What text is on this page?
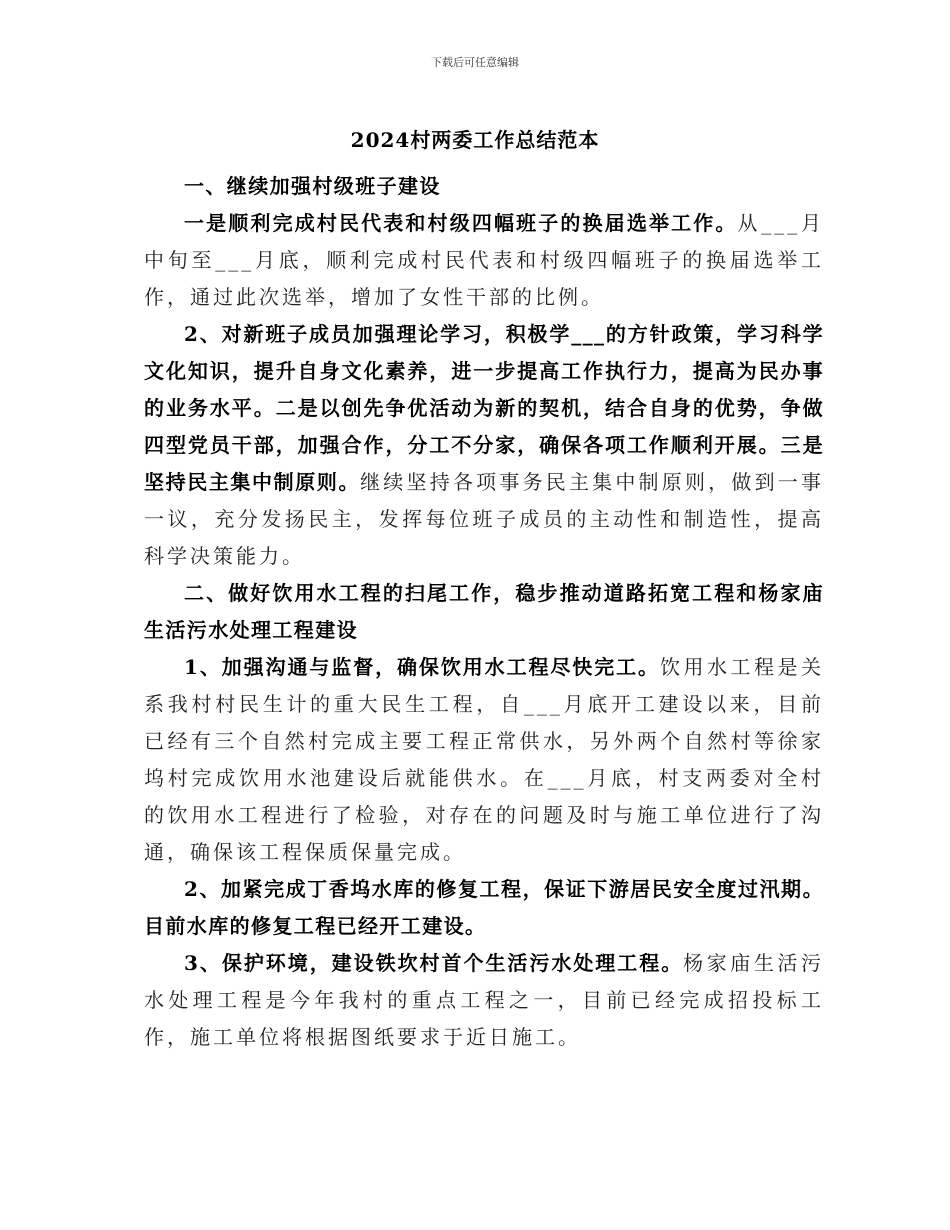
下载后可任意编辑
2024村两委工作总结范本

一、继续加强村级班子建设

一是顺利完成村民代表和村级四幅班子的换届选举工作。从___月中旬至___月底，顺利完成村民代表和村级四幅班子的换届选举工作，通过此次选举，增加了女性干部的比例。

2、对新班子成员加强理论学习，积极学___的方针政策，学习科学文化知识，提升自身文化素养，进一步提高工作执行力，提高为民办事的业务水平。二是以创先争优活动为新的契机，结合自身的优势，争做四型党员干部，加强合作，分工不分家，确保各项工作顺利开展。三是坚持民主集中制原则。继续坚持各项事务民主集中制原则，做到一事一议，充分发扬民主，发挥每位班子成员的主动性和制造性，提高科学决策能力。

二、做好饮用水工程的扫尾工作，稳步推动道路拓宽工程和杨家庙生活污水处理工程建设

1、加强沟通与监督，确保饮用水工程尽快完工。饮用水工程是关系我村村民生计的重大民生工程，自___月底开工建设以来，目前已经有三个自然村完成主要工程正常供水，另外两个自然村等徐家坞村完成饮用水池建设后就能供水。在___月底，村支两委对全村的饮用水工程进行了检验，对存在的问题及时与施工单位进行了沟通，确保该工程保质保量完成。

2、加紧完成丁香坞水库的修复工程，保证下游居民安全度过汛期。目前水库的修复工程已经开工建设。

3、保护环境，建设铁坎村首个生活污水处理工程。杨家庙生活污水处理工程是今年我村的重点工程之一，目前已经完成招投标工作，施工单位将根据图纸要求于近日施工。
